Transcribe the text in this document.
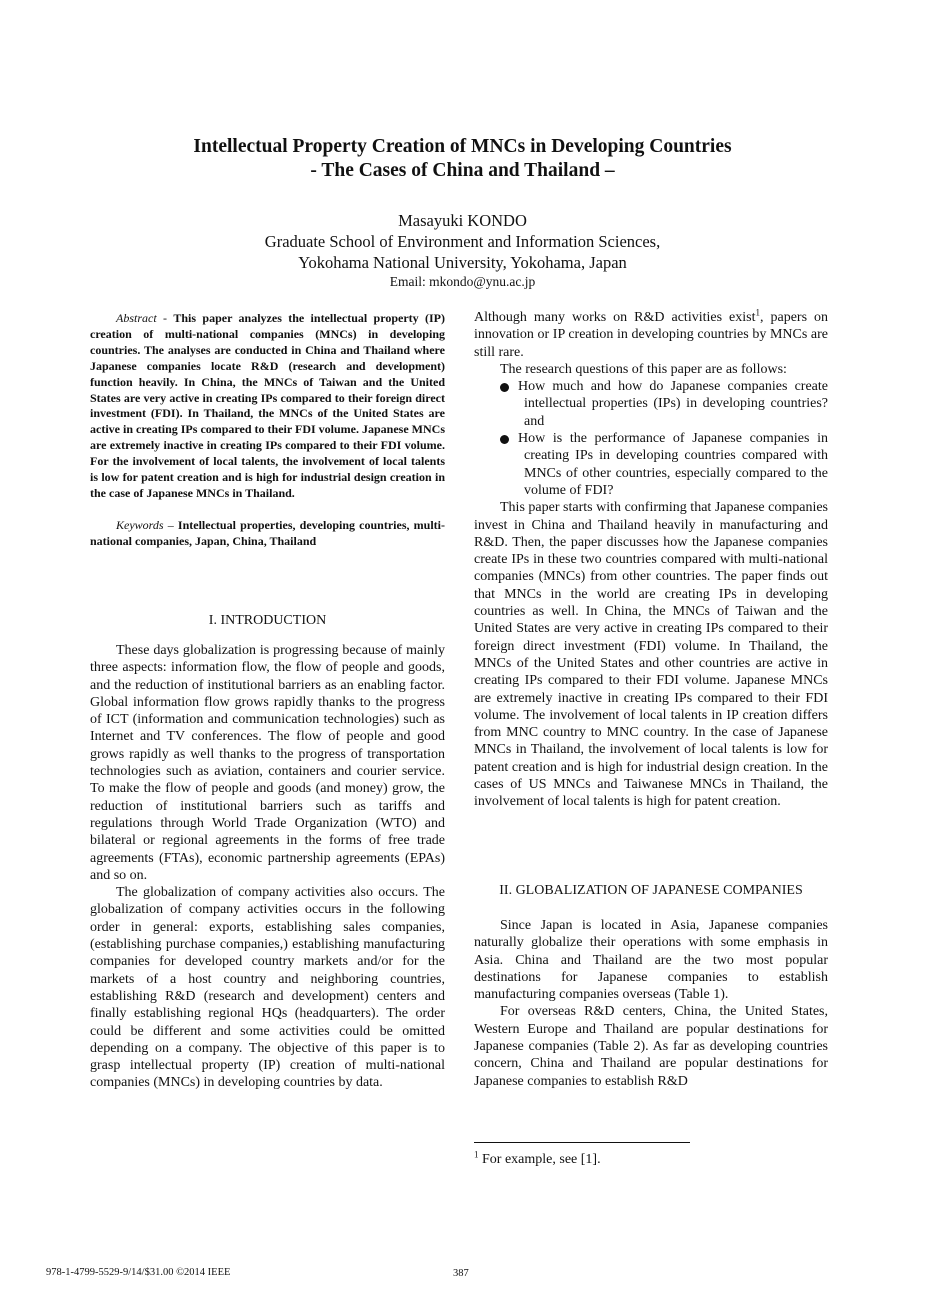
Intellectual Property Creation of MNCs in Developing Countries
- The Cases of China and Thailand –
Masayuki KONDO
Graduate School of Environment and Information Sciences,
Yokohama National University, Yokohama, Japan
Email: mkondo@ynu.ac.jp

Abstract - This paper analyzes the intellectual property (IP) creation of multi-national companies (MNCs) in developing countries. The analyses are conducted in China and Thailand where Japanese companies locate R&D (research and development) function heavily. In China, the MNCs of Taiwan and the United States are very active in creating IPs compared to their foreign direct investment (FDI). In Thailand, the MNCs of the United States are active in creating IPs compared to their FDI volume. Japanese MNCs are extremely inactive in creating IPs compared to their FDI volume. For the involvement of local talents, the involvement of local talents is low for patent creation and is high for industrial design creation in the case of Japanese MNCs in Thailand.

Keywords – Intellectual properties, developing countries, multi-national companies, Japan, China, Thailand

I. INTRODUCTION

These days globalization is progressing because of mainly three aspects: information flow, the flow of people and goods, and the reduction of institutional barriers as an enabling factor. Global information flow grows rapidly thanks to the progress of ICT (information and communication technologies) such as Internet and TV conferences. The flow of people and good grows rapidly as well thanks to the progress of transportation technologies such as aviation, containers and courier service. To make the flow of people and goods (and money) grow, the reduction of institutional barriers such as tariffs and regulations through World Trade Organization (WTO) and bilateral or regional agreements in the forms of free trade agreements (FTAs), economic partnership agreements (EPAs) and so on.

The globalization of company activities also occurs. The globalization of company activities occurs in the following order in general: exports, establishing sales companies, (establishing purchase companies,) establishing manufacturing companies for developed country markets and/or for the markets of a host country and neighboring countries, establishing R&D (research and development) centers and finally establishing regional HQs (headquarters). The order could be different and some activities could be omitted depending on a company. The objective of this paper is to grasp intellectual property (IP) creation of multi-national companies (MNCs) in developing countries by data.

Although many works on R&D activities exist$^1$, papers on innovation or IP creation in developing countries by MNCs are still rare.

The research questions of this paper are as follows:

How much and how do Japanese companies create intellectual properties (IPs) in developing countries? and
How is the performance of Japanese companies in creating IPs in developing countries compared with MNCs of other countries, especially compared to the volume of FDI?

This paper starts with confirming that Japanese companies invest in China and Thailand heavily in manufacturing and R&D. Then, the paper discusses how the Japanese companies create IPs in these two countries compared with multi-national companies (MNCs) from other countries. The paper finds out that MNCs in the world are creating IPs in developing countries as well. In China, the MNCs of Taiwan and the United States are very active in creating IPs compared to their foreign direct investment (FDI) volume. In Thailand, the MNCs of the United States and other countries are active in creating IPs compared to their FDI volume. Japanese MNCs are extremely inactive in creating IPs compared to their FDI volume. The involvement of local talents in IP creation differs from MNC country to MNC country. In the case of Japanese MNCs in Thailand, the involvement of local talents is low for patent creation and is high for industrial design creation. In the cases of US MNCs and Taiwanese MNCs in Thailand, the involvement of local talents is high for patent creation.

II. GLOBALIZATION OF JAPANESE COMPANIES

Since Japan is located in Asia, Japanese companies naturally globalize their operations with some emphasis in Asia. China and Thailand are the two most popular destinations for Japanese companies to establish manufacturing companies overseas (Table 1).

For overseas R&D centers, China, the United States, Western Europe and Thailand are popular destinations for Japanese companies (Table 2). As far as developing countries concern, China and Thailand are popular destinations for Japanese companies to establish R&D

$^1$ For example, see [1].
978-1-4799-5529-9/14/$31.00 ©2014 IEEE	387
